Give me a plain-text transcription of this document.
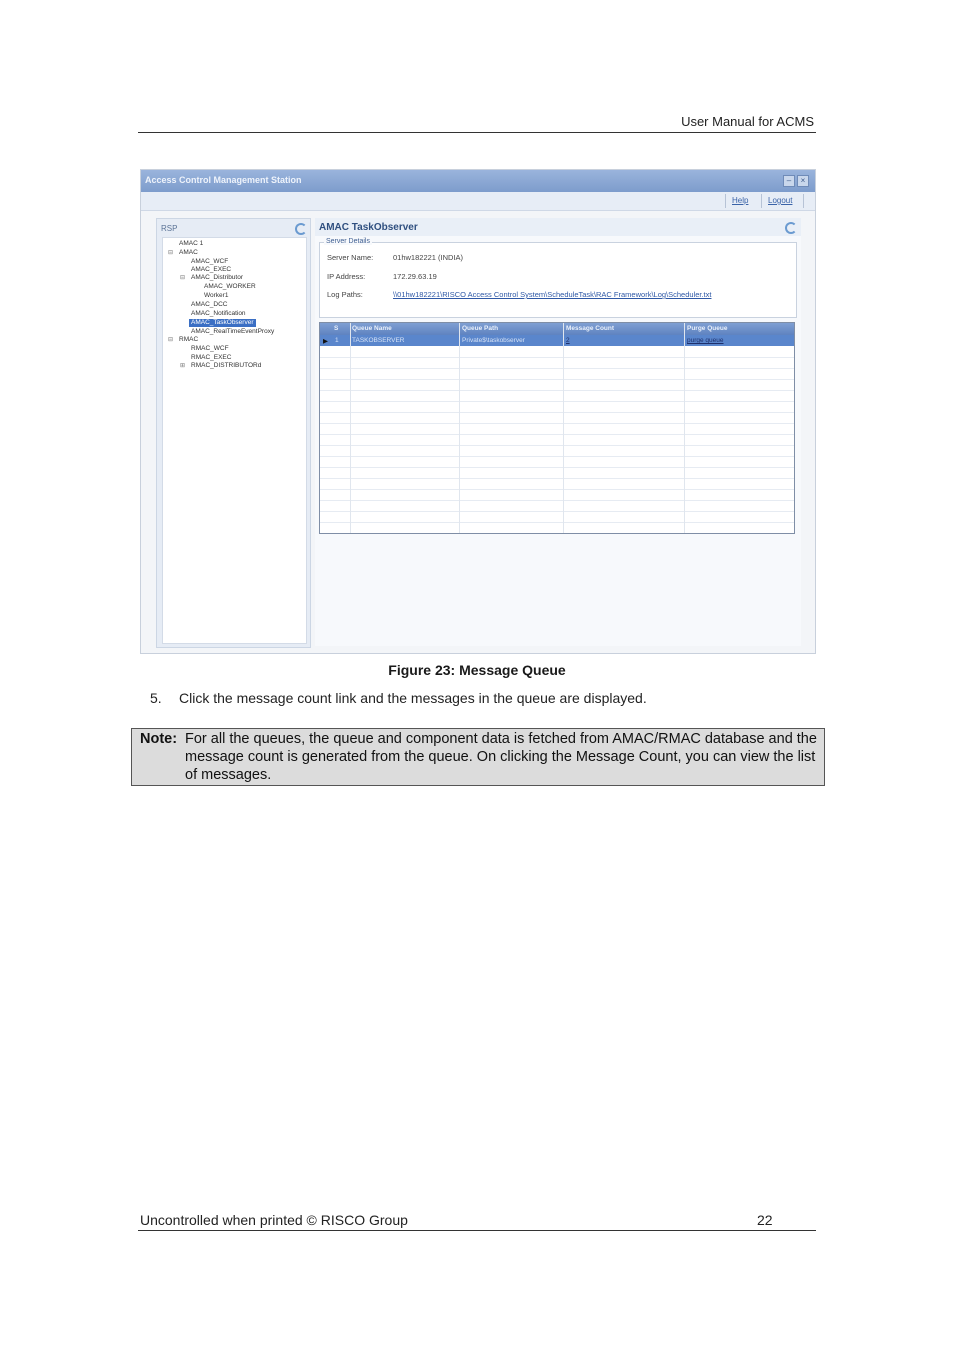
User Manual for ACMS
Access Control Management Station	–	×
Help Logout
RSP
AMAC 1
⊟ AMAC
AMAC_WCF
AMAC_EXEC
⊟ AMAC_Distributor
AMAC_WORKER
Worker1
AMAC_DCC
AMAC_Notification
AMAC_TaskObserver
AMAC_RealTimeEventProxy
⊟ RMAC
RMAC_WCF
RMAC_EXEC
⊞ RMAC_DISTRIBUTORd
AMAC TaskObserver
Server Details
Server Name:	01hw182221 (INDIA)
IP Address:	172.29.63.19
Log Paths:	\\01hw182221\RISCO Access Control System\ScheduleTask\RAC Framework\Log\Scheduler.txt
S Queue Name	Queue Path	Message Count	Purge Queue
▶ 1 TASKOBSERVER	Private$\taskobserver	2	purge queue
Figure 23: Message Queue
5. Click the message count link and the messages in the queue are displayed.
Note: For all the queues, the queue and component data is fetched from AMAC/RMAC database and the message count is generated from the queue. On clicking the Message Count, you can view the list of messages.
Uncontrolled when printed © RISCO Group	22
